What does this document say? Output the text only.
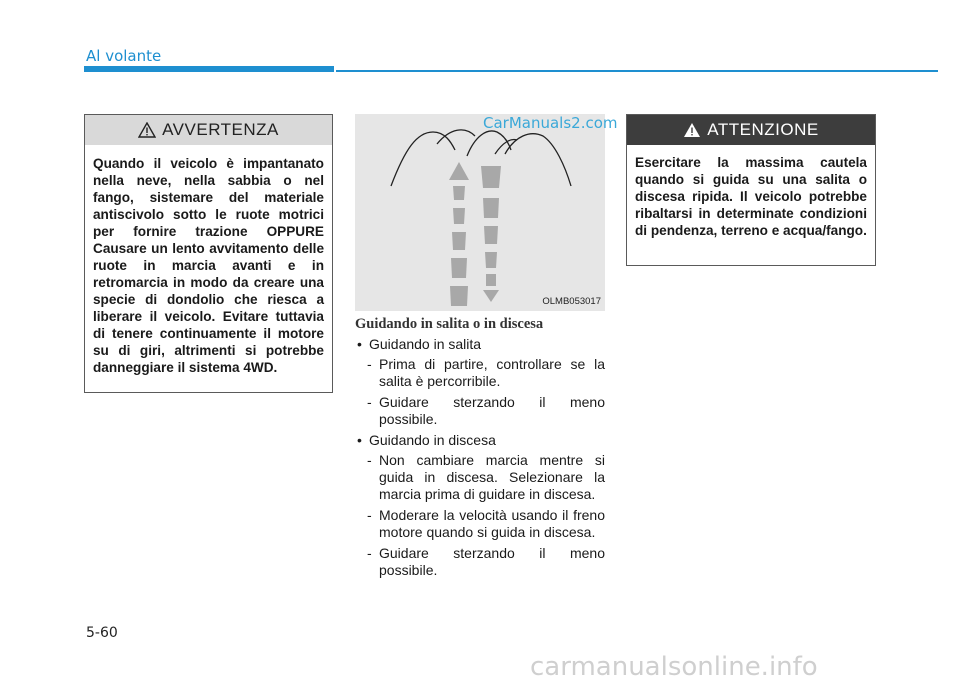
Al volante
AVVERTENZA
Quando il veicolo è impantanato nella neve, nella sabbia o nel fango, sistemare del materiale antiscivolo sotto le ruote motrici per fornire trazione OPPURE Causare un lento avvitamento delle ruote in marcia avanti e in retromarcia in modo da creare una specie di dondolio che riesca a liberare il veicolo. Evitare tuttavia di tenere continuamente il motore su di giri, altrimenti si potrebbe danneggiare il sistema 4WD.
CarManuals2.com
OLMB053017
Guidando in salita o in discesa
• Guidando in salita
- Prima di partire, controllare se la salita è percorribile.
- Guidare sterzando il meno possibile.
• Guidando in discesa
- Non cambiare marcia mentre si guida in discesa. Selezionare la marcia prima di guidare in discesa.
- Moderare la velocità usando il freno motore quando si guida in discesa.
- Guidare sterzando il meno possibile.
ATTENZIONE
Esercitare la massima cautela quando si guida su una salita o discesa ripida. Il veicolo potrebbe ribaltarsi in determinate condizioni di pendenza, terreno e acqua/fango.
5-60
carmanualsonline.info
